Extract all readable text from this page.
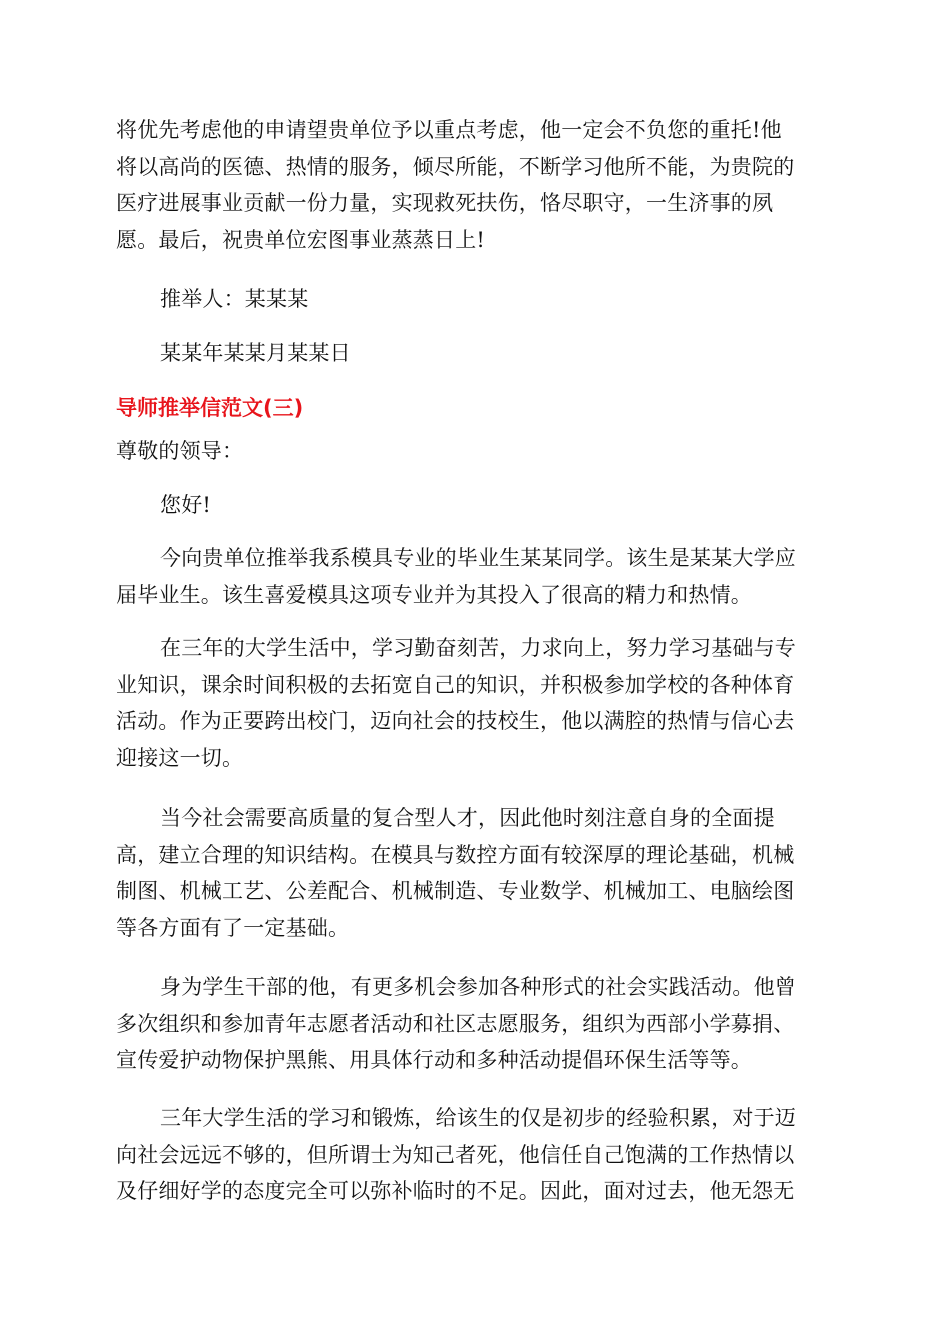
将优先考虑他的申请望贵单位予以重点考虑，他一定会不负您的重托!他
将以高尚的医德、热情的服务，倾尽所能，不断学习他所不能，为贵院的
医疗进展事业贡献一份力量，实现救死扶伤，恪尽职守，一生济事的夙
愿。最后，祝贵单位宏图事业蒸蒸日上!
推举人：某某某
某某年某某月某某日
导师推举信范文(三)
尊敬的领导：
您好!
今向贵单位推举我系模具专业的毕业生某某同学。该生是某某大学应
届毕业生。该生喜爱模具这项专业并为其投入了很高的精力和热情。
在三年的大学生活中，学习勤奋刻苦，力求向上，努力学习基础与专
业知识，课余时间积极的去拓宽自己的知识，并积极参加学校的各种体育
活动。作为正要跨出校门，迈向社会的技校生，他以满腔的热情与信心去
迎接这一切。
当今社会需要高质量的复合型人才，因此他时刻注意自身的全面提
高，建立合理的知识结构。在模具与数控方面有较深厚的理论基础，机械
制图、机械工艺、公差配合、机械制造、专业数学、机械加工、电脑绘图
等各方面有了一定基础。
身为学生干部的他，有更多机会参加各种形式的社会实践活动。他曾
多次组织和参加青年志愿者活动和社区志愿服务，组织为西部小学募捐、
宣传爱护动物保护黑熊、用具体行动和多种活动提倡环保生活等等。
三年大学生活的学习和锻炼，给该生的仅是初步的经验积累，对于迈
向社会远远不够的，但所谓士为知己者死，他信任自己饱满的工作热情以
及仔细好学的态度完全可以弥补临时的不足。因此，面对过去，他无怨无
